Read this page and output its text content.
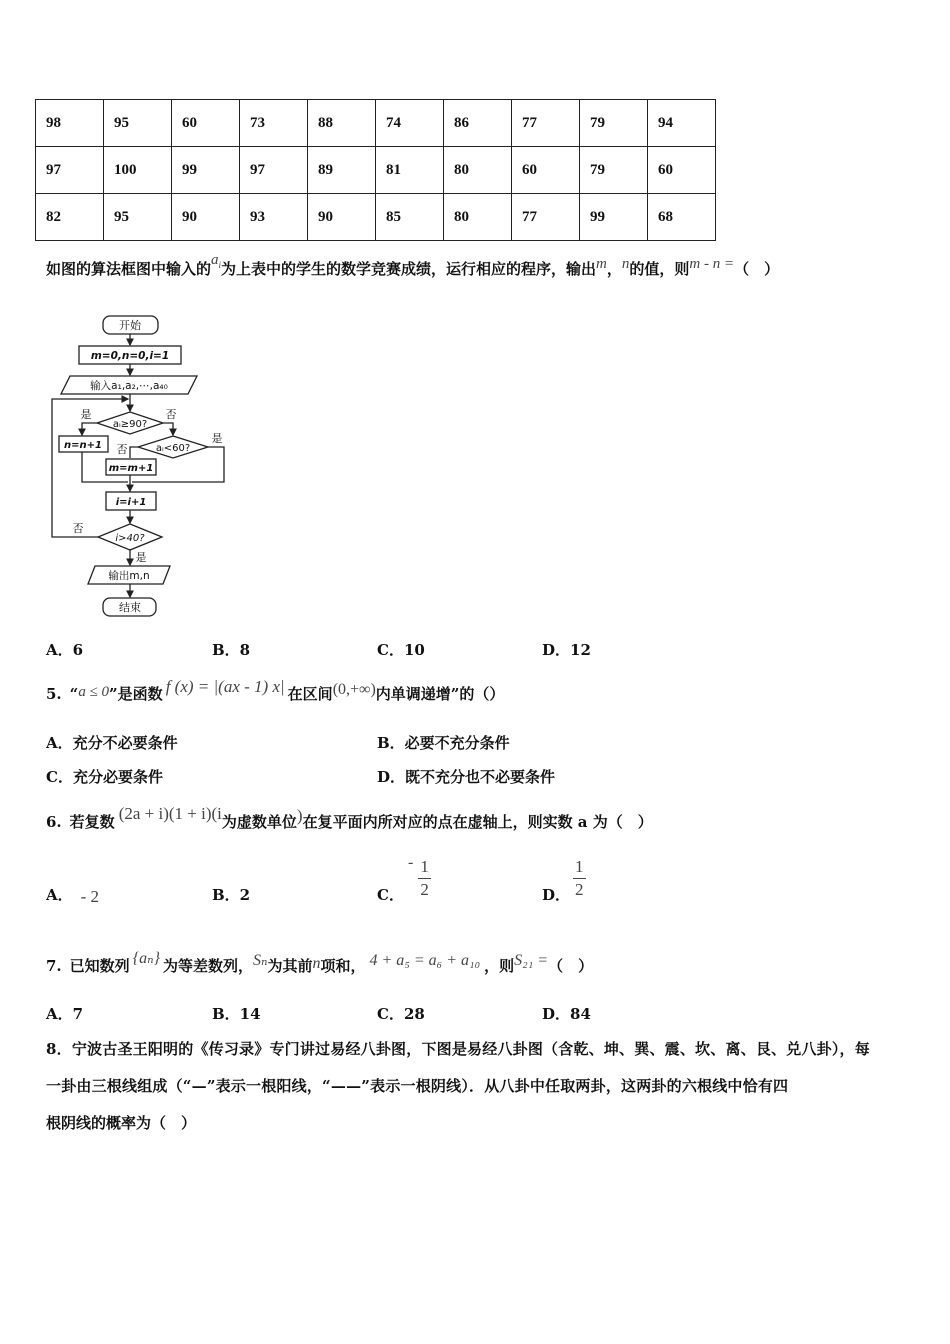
98	95	60	73	88	74	86	77	79	94
97	100	99	97	89	81	80	60	79	60
82	95	90	93	90	85	80	77	99	68
如图的算法框图中输入的$a_i$为上表中的学生的数学竞赛成绩，运行相应的程序，输出m，n的值，则m - n =（　）
开始
m=0,n=0,i=1
输入a₁,a₂,⋯,a₄₀
aᵢ≥90?
aᵢ<60?
n=n+1
m=m+1
i=i+1
i>40?
输出m,n
结束
是	否
是
否
否
是
A．6	B．8	C．10	D．12
5. “a ≤ 0”是函数 f (x) = |(ax - 1) x| 在区间(0,+∞)内单调递增”的（）
A．充分不必要条件	B．必要不充分条件
C．充分必要条件	D．既不充分也不必要条件
6. 若复数 (2a + i)(1 + i)(i为虚数单位)在复平面内所对应的点在虚轴上，则实数 a 为（　）
A． - 2	B．2	C．
- $\frac{1}{2}$	D． $\frac{1}{2}$
7. 已知数列 {aₙ} 为等差数列，Sₙ为其前n项和， 4 + a₅ = a₆ + a₁₀ ，则S₂₁ =（　）
A．7	B．14	C．28	D．84
8．宁波古圣王阳明的《传习录》专门讲过易经八卦图，下图是易经八卦图（含乾、坤、巽、震、坎、离、艮、兑八卦），每
一卦由三根线组成（“—”表示一根阳线，“——”表示一根阴线）．从八卦中任取两卦，这两卦的六根线中恰有四
根阴线的概率为（　）
